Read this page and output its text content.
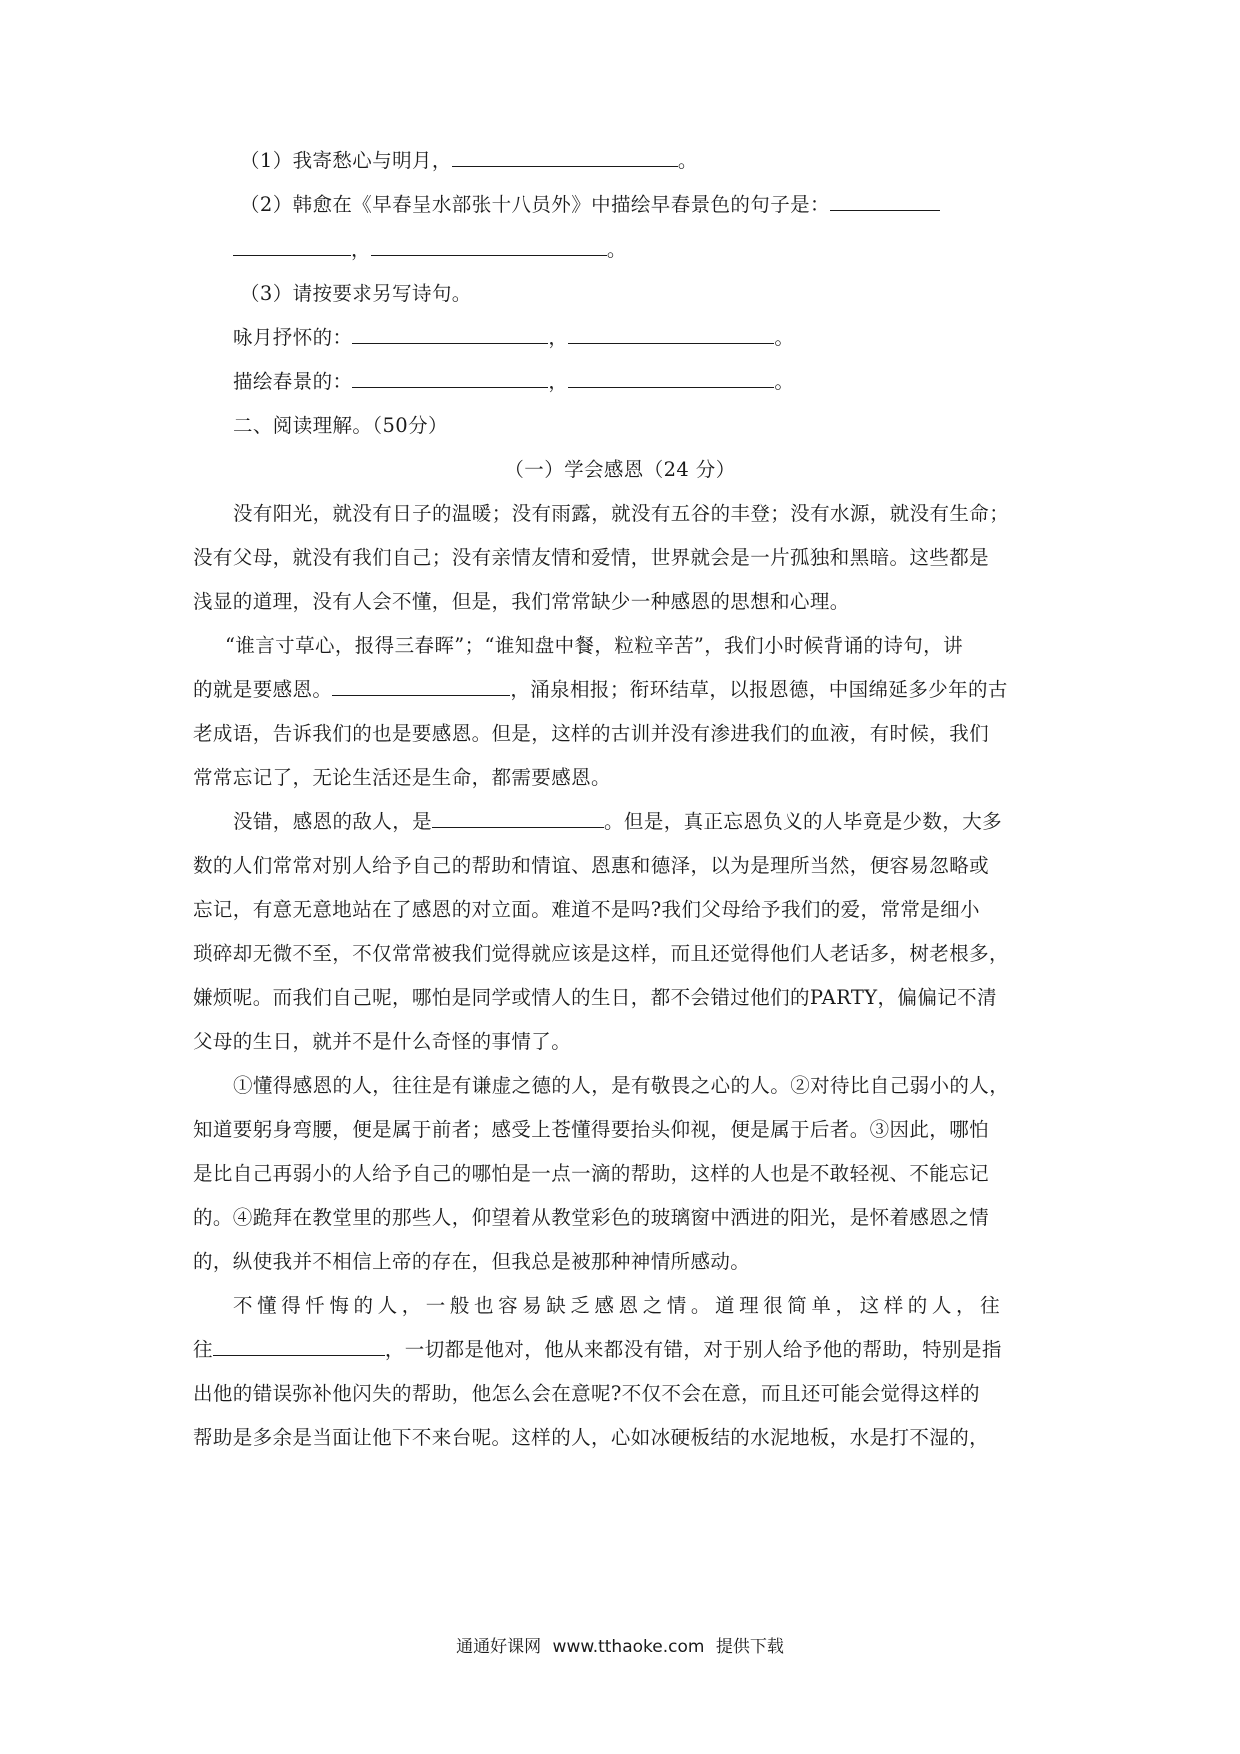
（1）我寄愁心与明月，	。
（2）韩愈在《早春呈水部张十八员外》中描绘早春景色的句子是：
，	。
（3）请按要求另写诗句。
咏月抒怀的：	，	。
描绘春景的：	，	。
二、阅读理解。（50分）
（一）学会感恩（24 分）
没有阳光，就没有日子的温暖；没有雨露，就没有五谷的丰登；没有水源，就没有生命；
没有父母，就没有我们自己；没有亲情友情和爱情，世界就会是一片孤独和黑暗。这些都是
浅显的道理，没有人会不懂，但是，我们常常缺少一种感恩的思想和心理。
“谁言寸草心，报得三春晖”；“谁知盘中餐，粒粒辛苦”，我们小时候背诵的诗句，讲
的就是要感恩。	，涌泉相报；衔环结草，以报恩德，中国绵延多少年的古
老成语，告诉我们的也是要感恩。但是，这样的古训并没有渗进我们的血液，有时候，我们
常常忘记了，无论生活还是生命，都需要感恩。
没错，感恩的敌人，是	。但是，真正忘恩负义的人毕竟是少数，大多
数的人们常常对别人给予自己的帮助和情谊、恩惠和德泽，以为是理所当然，便容易忽略或
忘记，有意无意地站在了感恩的对立面。难道不是吗?我们父母给予我们的爱，常常是细小
琐碎却无微不至，不仅常常被我们觉得就应该是这样，而且还觉得他们人老话多，树老根多，
嫌烦呢。而我们自己呢，哪怕是同学或情人的生日，都不会错过他们的PARTY，偏偏记不清
父母的生日，就并不是什么奇怪的事情了。
①懂得感恩的人，往往是有谦虚之德的人，是有敬畏之心的人。②对待比自己弱小的人，
知道要躬身弯腰，便是属于前者；感受上苍懂得要抬头仰视，便是属于后者。③因此，哪怕
是比自己再弱小的人给予自己的哪怕是一点一滴的帮助，这样的人也是不敢轻视、不能忘记
的。④跪拜在教堂里的那些人，仰望着从教堂彩色的玻璃窗中洒进的阳光，是怀着感恩之情
的，纵使我并不相信上帝的存在，但我总是被那种神情所感动。
不懂得忏悔的人，一般也容易缺乏感恩之情。道理很简单，这样的人，往
往	，一切都是他对，他从来都没有错，对于别人给予他的帮助，特别是指
出他的错误弥补他闪失的帮助，他怎么会在意呢?不仅不会在意，而且还可能会觉得这样的
帮助是多余是当面让他下不来台呢。这样的人，心如冰硬板结的水泥地板，水是打不湿的，
通通好课网 www.tthaoke.com 提供下载
